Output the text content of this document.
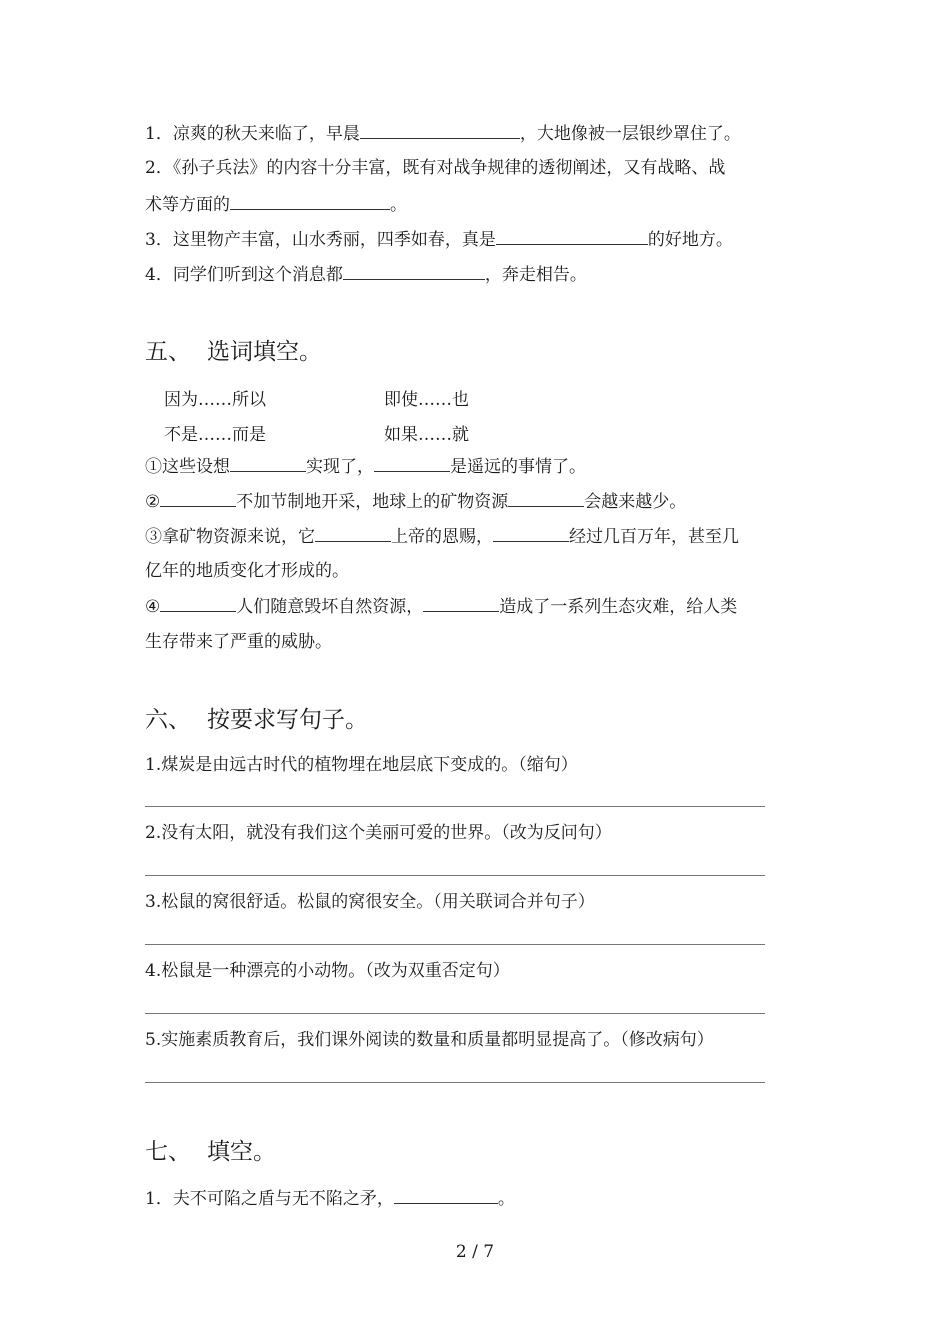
1．凉爽的秋天来临了，早晨	，大地像被一层银纱罩住了。
2．《孙子兵法》的内容十分丰富，既有对战争规律的透彻阐述，又有战略、战
术等方面的	。
3．这里物产丰富，山水秀丽，四季如春，真是	的好地方。
4．同学们听到这个消息都	，奔走相告。
五、 选词填空。
因为……所以	即使……也
不是……而是	如果……就
①这些设想	实现了，	是遥远的事情了。
②	不加节制地开采，地球上的矿物资源	会越来越少。
③拿矿物资源来说，它	上帝的恩赐，	经过几百万年，甚至几
亿年的地质变化才形成的。
④	人们随意毁坏自然资源，	造成了一系列生态灾难，给人类
生存带来了严重的威胁。
六、 按要求写句子。
1.煤炭是由远古时代的植物埋在地层底下变成的。（缩句）
2.没有太阳，就没有我们这个美丽可爱的世界。（改为反问句）
3.松鼠的窝很舒适。松鼠的窝很安全。（用关联词合并句子）
4.松鼠是一种漂亮的小动物。（改为双重否定句）
5.实施素质教育后，我们课外阅读的数量和质量都明显提高了。（修改病句）
七、 填空。
1．夫不可陷之盾与无不陷之矛，	。
2 / 7
